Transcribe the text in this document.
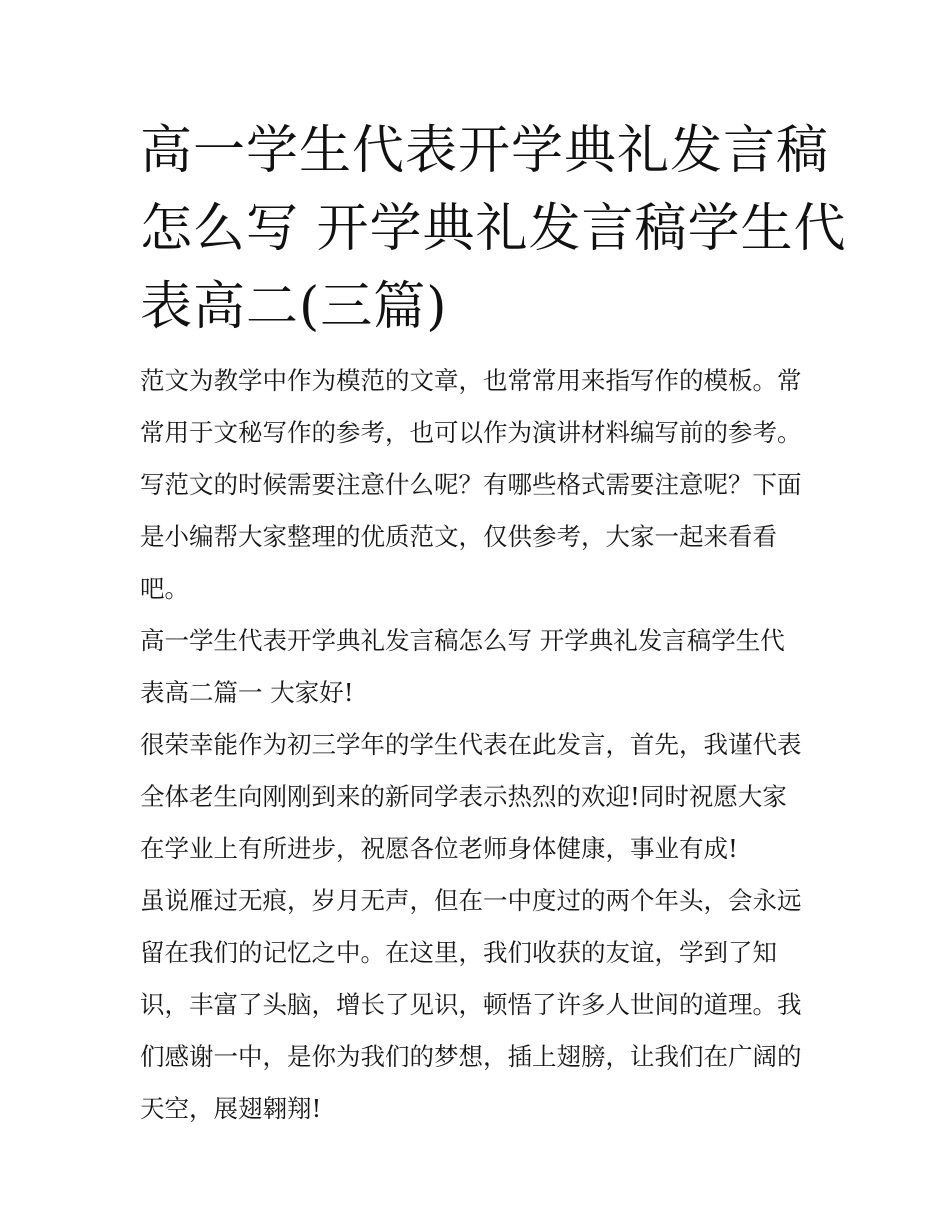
高一学生代表开学典礼发言稿
怎么写 开学典礼发言稿学生代
表高二(三篇)
范文为教学中作为模范的文章，也常常用来指写作的模板。常
常用于文秘写作的参考，也可以作为演讲材料编写前的参考。
写范文的时候需要注意什么呢？有哪些格式需要注意呢？下面
是小编帮大家整理的优质范文，仅供参考，大家一起来看看
吧。
高一学生代表开学典礼发言稿怎么写 开学典礼发言稿学生代
表高二篇一 大家好!
很荣幸能作为初三学年的学生代表在此发言，首先，我谨代表
全体老生向刚刚到来的新同学表示热烈的欢迎!同时祝愿大家
在学业上有所进步，祝愿各位老师身体健康，事业有成!
虽说雁过无痕，岁月无声，但在一中度过的两个年头，会永远
留在我们的记忆之中。在这里，我们收获的友谊，学到了知
识，丰富了头脑，增长了见识，顿悟了许多人世间的道理。我
们感谢一中，是你为我们的梦想，插上翅膀，让我们在广阔的
天空，展翅翱翔!
